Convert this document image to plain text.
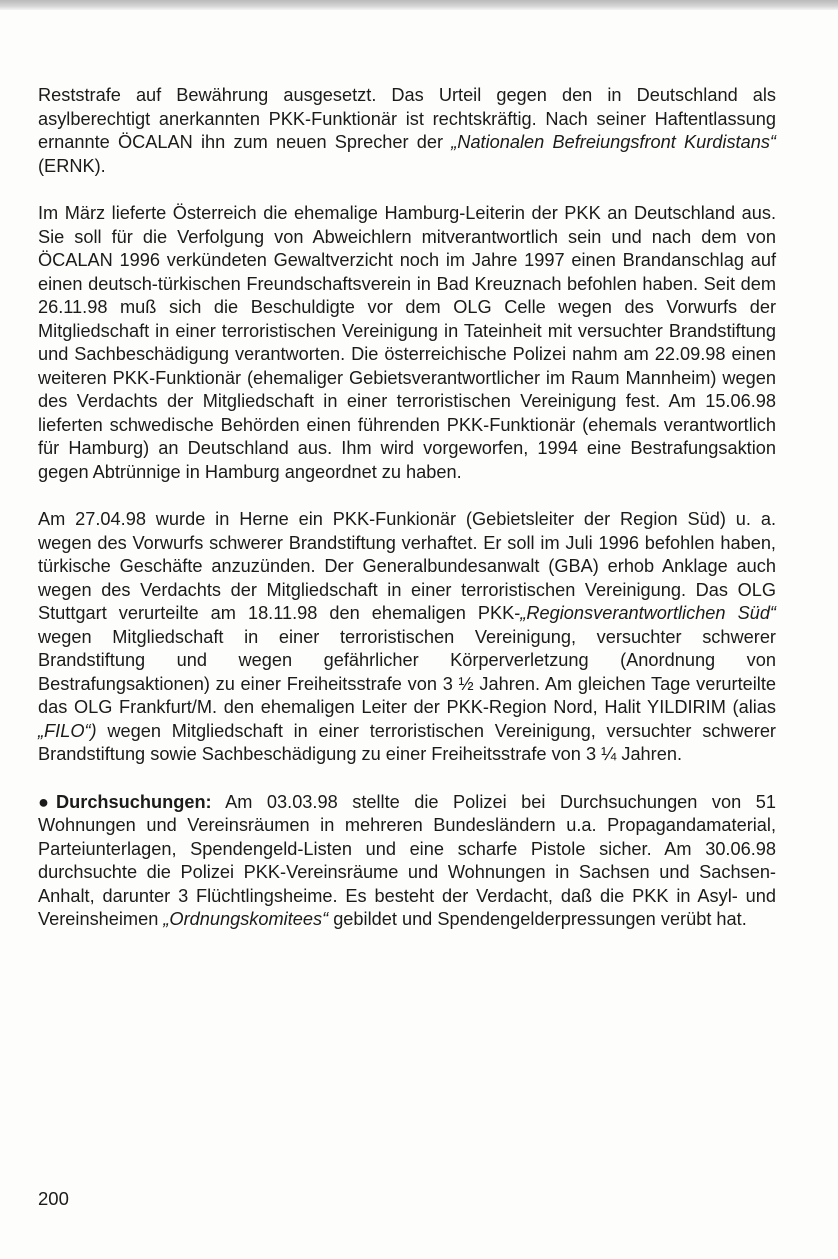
Reststrafe auf Bewährung ausgesetzt. Das Urteil gegen den in Deutschland als asylberechtigt anerkannten PKK-Funktionär ist rechtskräftig. Nach seiner Haftentlassung ernannte ÖCALAN ihn zum neuen Sprecher der „Nationalen Befreiungsfront Kurdistans“ (ERNK).

Im März lieferte Österreich die ehemalige Hamburg-Leiterin der PKK an Deutschland aus. Sie soll für die Verfolgung von Abweichlern mitverantwortlich sein und nach dem von ÖCALAN 1996 verkündeten Gewaltverzicht noch im Jahre 1997 einen Brandanschlag auf einen deutsch-türkischen Freundschaftsverein in Bad Kreuznach befohlen haben. Seit dem 26.11.98 muß sich die Beschuldigte vor dem OLG Celle wegen des Vorwurfs der Mitgliedschaft in einer terroristischen Vereinigung in Tateinheit mit versuchter Brandstiftung und Sachbeschädigung verantworten. Die österreichische Polizei nahm am 22.09.98 einen weiteren PKK-Funktionär (ehemaliger Gebietsverantwortlicher im Raum Mannheim) wegen des Verdachts der Mitgliedschaft in einer terroristischen Vereinigung fest. Am 15.06.98 lieferten schwedische Behörden einen führenden PKK-Funktionär (ehemals verantwortlich für Hamburg) an Deutschland aus. Ihm wird vorgeworfen, 1994 eine Bestrafungsaktion gegen Abtrünnige in Hamburg angeordnet zu haben.

Am 27.04.98 wurde in Herne ein PKK-Funkionär (Gebietsleiter der Region Süd) u. a. wegen des Vorwurfs schwerer Brandstiftung verhaftet. Er soll im Juli 1996 befohlen haben, türkische Geschäfte anzuzünden. Der Generalbundesanwalt (GBA) erhob Anklage auch wegen des Verdachts der Mitgliedschaft in einer terroristischen Vereinigung. Das OLG Stuttgart verurteilte am 18.11.98 den ehemaligen PKK-„Regionsverantwortlichen Süd“ wegen Mitgliedschaft in einer terroristischen Vereinigung, versuchter schwerer Brandstiftung und wegen gefährlicher Körperverletzung (Anordnung von Bestrafungsaktionen) zu einer Freiheitsstrafe von 3 ½ Jahren. Am gleichen Tage verurteilte das OLG Frankfurt/M. den ehemaligen Leiter der PKK-Region Nord, Halit YILDIRIM (alias „FILO“) wegen Mitgliedschaft in einer terroristischen Vereinigung, versuchter schwerer Brandstiftung sowie Sachbeschädigung zu einer Freiheitsstrafe von 3 ¼ Jahren.

● Durchsuchungen: Am 03.03.98 stellte die Polizei bei Durchsuchungen von 51 Wohnungen und Vereinsräumen in mehreren Bundesländern u.a. Propagandamaterial, Parteiunterlagen, Spendengeld-Listen und eine scharfe Pistole sicher. Am 30.06.98 durchsuchte die Polizei PKK-Vereinsräume und Wohnungen in Sachsen und Sachsen-Anhalt, darunter 3 Flüchtlingsheime. Es besteht der Verdacht, daß die PKK in Asyl- und Vereinsheimen „Ordnungskomitees“ gebildet und Spendengelderpressungen verübt hat.

200
